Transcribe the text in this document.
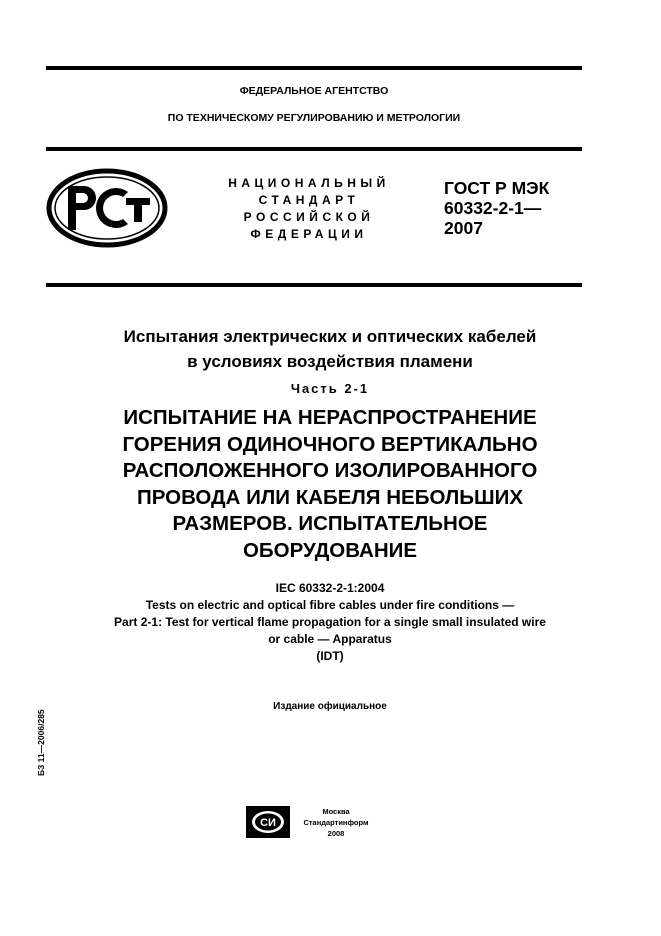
ФЕДЕРАЛЬНОЕ АГЕНТСТВО
ПО ТЕХНИЧЕСКОМУ РЕГУЛИРОВАНИЮ И МЕТРОЛОГИИ
НАЦИОНАЛЬНЫЙ
СТАНДАРТ
РОССИЙСКОЙ
ФЕДЕРАЦИИ
ГОСТ Р МЭК
60332-2-1—
2007
Испытания электрических и оптических кабелей
в условиях воздействия пламени
Часть 2-1
ИСПЫТАНИЕ НА НЕРАСПРОСТРАНЕНИЕ
ГОРЕНИЯ ОДИНОЧНОГО ВЕРТИКАЛЬНО
РАСПОЛОЖЕННОГО ИЗОЛИРОВАННОГО
ПРОВОДА ИЛИ КАБЕЛЯ НЕБОЛЬШИХ
РАЗМЕРОВ. ИСПЫТАТЕЛЬНОЕ
ОБОРУДОВАНИЕ
IEC 60332-2-1:2004
Tests on electric and optical fibre cables under fire conditions —
Part 2-1: Test for vertical flame propagation for a single small insulated wire
or cable — Apparatus
(IDT)
Издание официальное
БЗ 11—2006/285
СИ
Москва
Стандартинформ
2008
